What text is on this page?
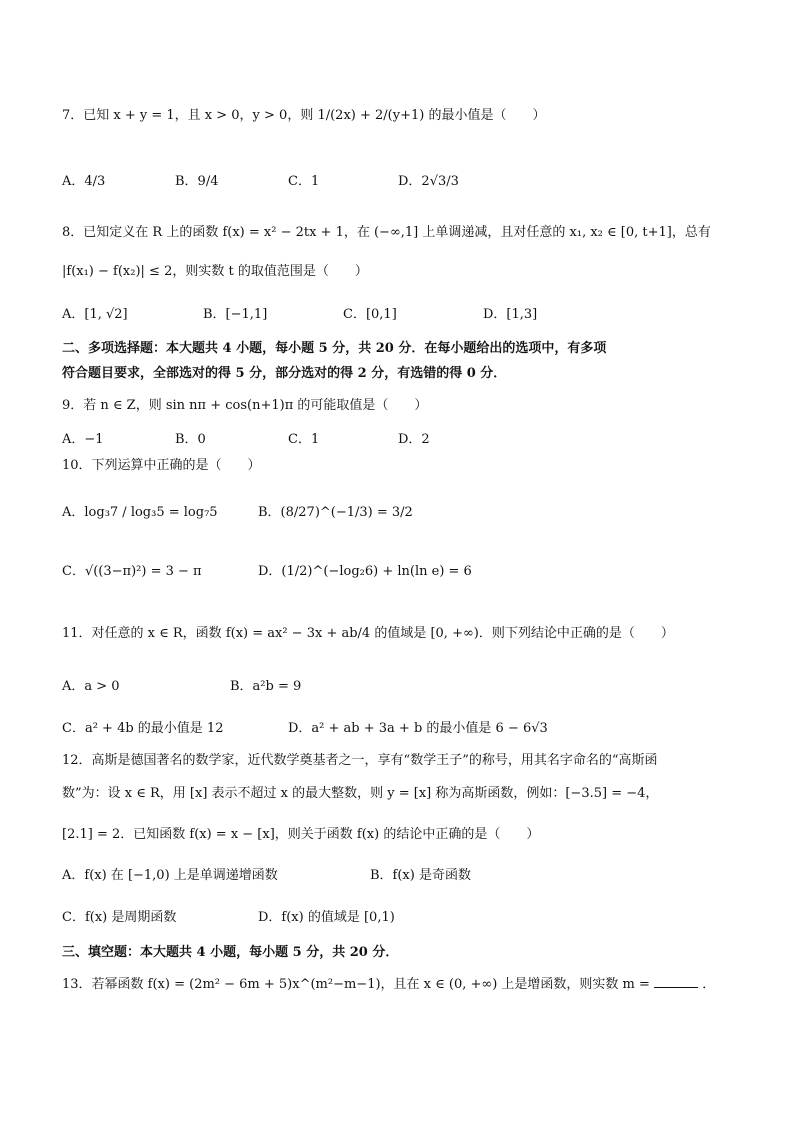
7．已知 x + y = 1，且 x > 0，y > 0，则 1/(2x) + 2/(y+1) 的最小值是（　　）
A．4/3	B．9/4	C．1	D．2√3/3
8．已知定义在 R 上的函数 f(x) = x² − 2tx + 1，在 (−∞,1] 上单调递减，且对任意的 x₁, x₂ ∈ [0, t+1]，总有
|f(x₁) − f(x₂)| ≤ 2，则实数 t 的取值范围是（　　）
A．[1, √2]	B．[−1,1]	C．[0,1]	D．[1,3]
二、多项选择题：本大题共 4 小题，每小题 5 分，共 20 分．在每小题给出的选项中，有多项
符合题目要求，全部选对的得 5 分，部分选对的得 2 分，有选错的得 0 分．
9．若 n ∈ Z，则 sin nπ + cos(n+1)π 的可能取值是（　　）
A．−1	B．0	C．1	D．2
10．下列运算中正确的是（　　）
A．log₃7 / log₃5 = log₇5	B．(8/27)^(−1/3) = 3/2
C．√((3−π)²) = 3 − π	D．(1/2)^(−log₂6) + ln(ln e) = 6
11．对任意的 x ∈ R，函数 f(x) = ax² − 3x + ab/4 的值域是 [0, +∞)．则下列结论中正确的是（　　）
A．a > 0	B．a²b = 9
C．a² + 4b 的最小值是 12	D．a² + ab + 3a + b 的最小值是 6 − 6√3
12．高斯是德国著名的数学家，近代数学奠基者之一，享有“数学王子”的称号，用其名字命名的“高斯函
数”为：设 x ∈ R，用 [x] 表示不超过 x 的最大整数，则 y = [x] 称为高斯函数，例如：[−3.5] = −4，
[2.1] = 2．已知函数 f(x) = x − [x]，则关于函数 f(x) 的结论中正确的是（　　）
A．f(x) 在 [−1,0) 上是单调递增函数	B．f(x) 是奇函数
C．f(x) 是周期函数	D．f(x) 的值域是 [0,1)
三、填空题：本大题共 4 小题，每小题 5 分，共 20 分．
13．若幂函数 f(x) = (2m² − 6m + 5)x^(m²−m−1)，且在 x ∈ (0, +∞) 上是增函数，则实数 m =	．
